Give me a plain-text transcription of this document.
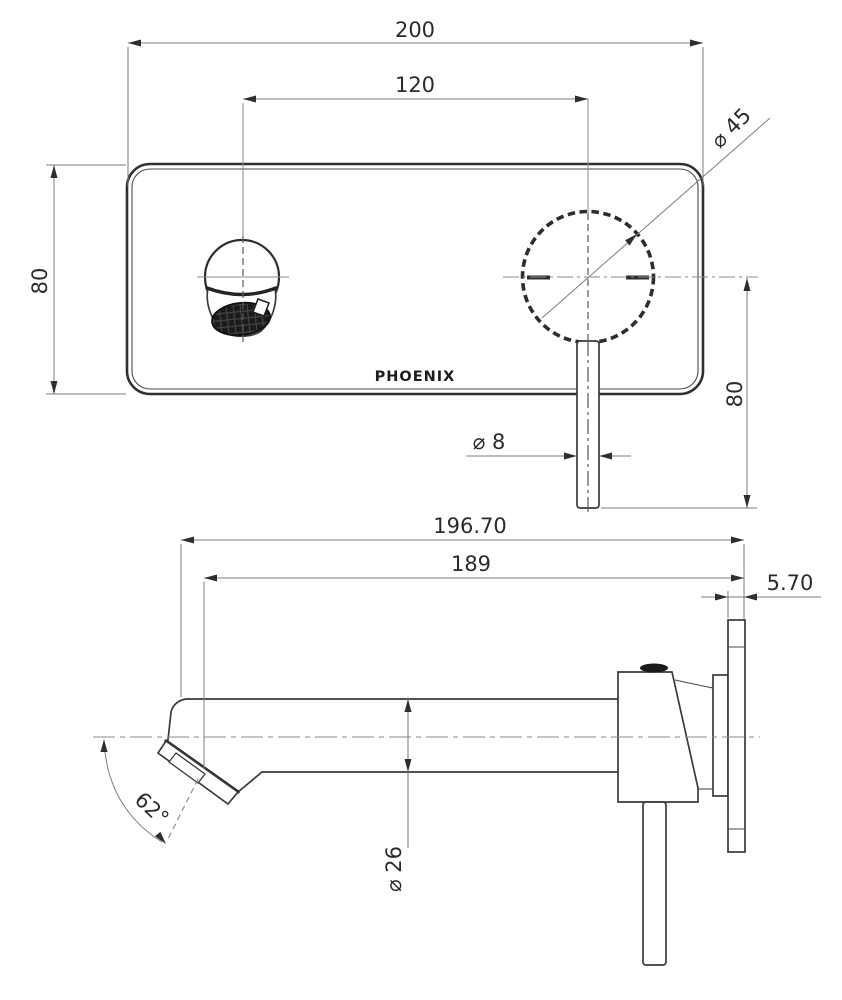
200
120
80
80
⌀ 45
⌀ 8
PHOENIX
196.70
189
5.70
62°
⌀ 26
